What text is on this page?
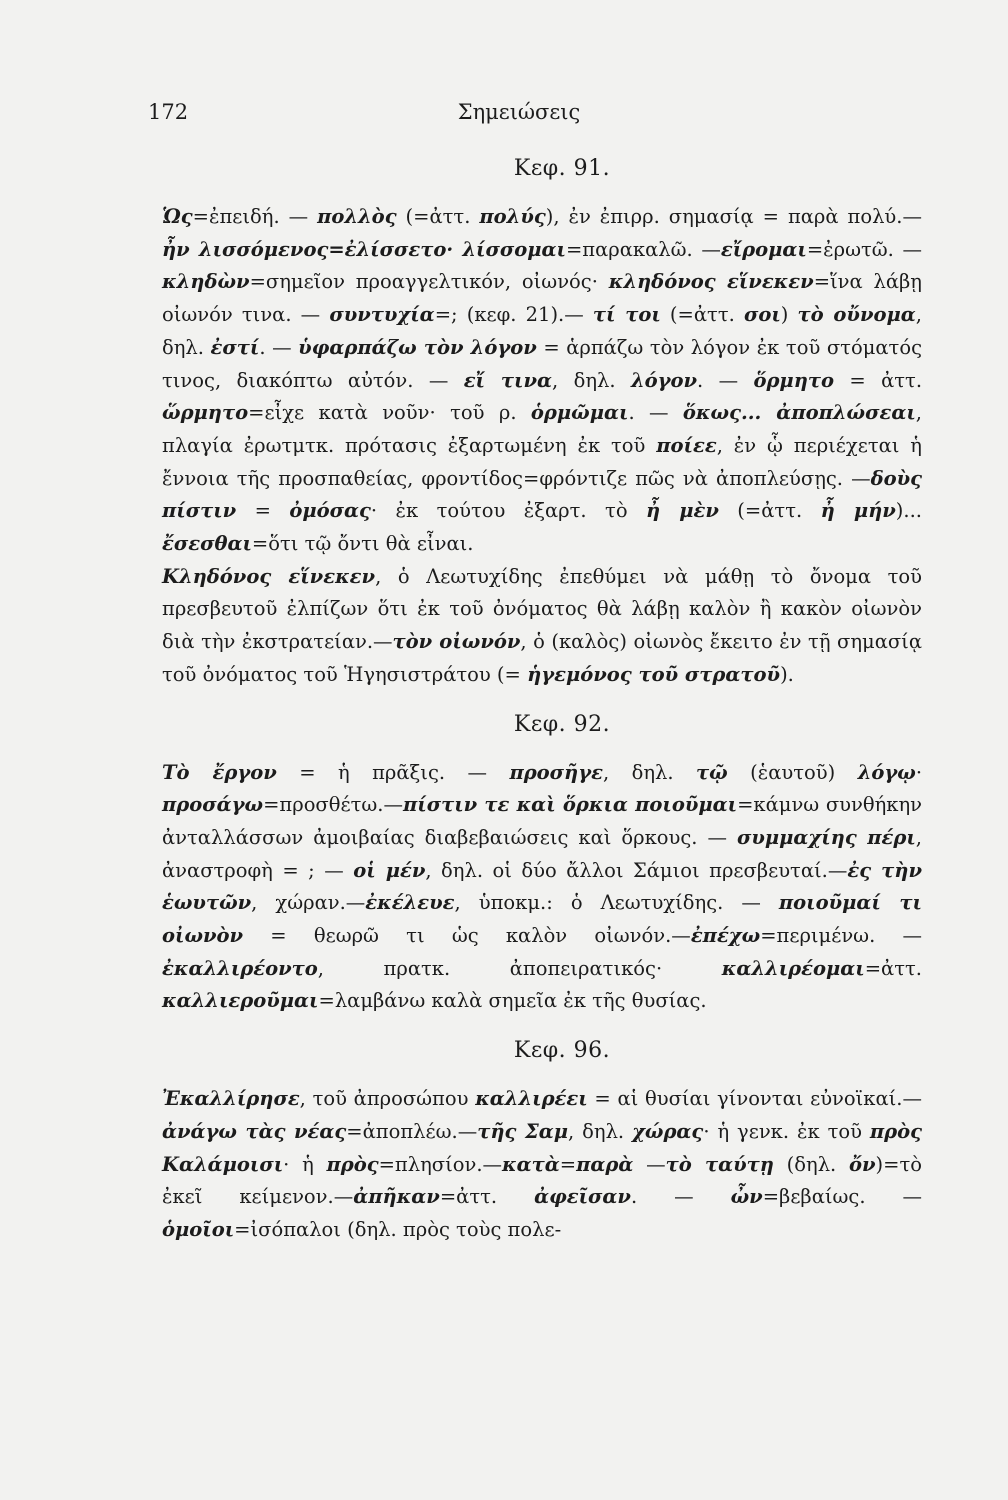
172	Σημειώσεις
Κεφ. 91.

Ὡς=ἐπειδή. — πολλὸς (=ἀττ. πολύς), ἐν ἐπιρρ. σημασίᾳ = παρὰ πολύ.—ἦν λισσόμενος=ἐλίσσετο· λίσσομαι=παρακαλῶ. —εἴρομαι=ἐρωτῶ. — κληδὼν=σημεῖον προαγγελτικόν, οἰωνός· κληδόνος εἵνεκεν=ἵνα λάβῃ οἰωνόν τινα. — συντυχία=; (κεφ. 21).— τί τοι (=ἀττ. σοι) τὸ οὔνομα, δηλ. ἐστί. — ὑφαρπάζω τὸν λόγον = ἁρπάζω τὸν λόγον ἐκ τοῦ στόματός τινος, διακόπτω αὐτόν. — εἴ τινα, δηλ. λόγον. — ὅρμητο = ἀττ. ὥρμητο=εἶχε κατὰ νοῦν· τοῦ ρ. ὁρμῶμαι. — ὅκως... ἀποπλώσεαι, πλαγία ἐρωτμτκ. πρότασις ἐξαρτωμένη ἐκ τοῦ ποίεε, ἐν ᾧ περιέχεται ἡ ἔννοια τῆς προσπαθείας, φροντίδος=φρόντιζε πῶς νὰ ἀποπλεύσῃς. —δοὺς πίστιν = ὀμόσας· ἐκ τούτου ἐξαρτ. τὸ ἦ μὲν (=ἀττ. ἦ μήν)... ἔσεσθαι=ὅτι τῷ ὄντι θὰ εἶναι.

Κληδόνος εἵνεκεν, ὁ Λεωτυχίδης ἐπεθύμει νὰ μάθῃ τὸ ὄνομα τοῦ πρεσβευτοῦ ἐλπίζων ὅτι ἐκ τοῦ ὀνόματος θὰ λάβῃ καλὸν ἢ κακὸν οἰωνὸν διὰ τὴν ἐκστρατείαν.—τὸν οἰωνόν, ὁ (καλὸς) οἰωνὸς ἔκειτο ἐν τῇ σημασίᾳ τοῦ ὀνόματος τοῦ Ἡγησιστράτου (= ἡγεμόνος τοῦ στρατοῦ).

Κεφ. 92.

Τὸ ἔργον = ἡ πρᾶξις. — προσῆγε, δηλ. τῷ (ἑαυτοῦ) λόγῳ· προσάγω=προσθέτω.—πίστιν τε καὶ ὅρκια ποιοῦμαι=κάμνω συνθήκην ἀνταλλάσσων ἀμοιβαίας διαβεβαιώσεις καὶ ὅρκους. — συμμαχίης πέρι, ἀναστροφὴ = ; — οἱ μέν, δηλ. οἱ δύο ἄλλοι Σάμιοι πρεσβευταί.—ἐς τὴν ἑωυτῶν, χώραν.—ἐκέλευε, ὑποκμ.: ὁ Λεωτυχίδης. — ποιοῦμαί τι οἰωνὸν = θεωρῶ τι ὡς καλὸν οἰωνόν.—ἐπέχω=περιμένω. — ἐκαλλιρέοντο, πρατκ. ἀποπειρατικός· καλλιρέομαι=ἀττ. καλλιεροῦμαι=λαμβάνω καλὰ σημεῖα ἐκ τῆς θυσίας.

Κεφ. 96.

Ἐκαλλίρησε, τοῦ ἀπροσώπου καλλιρέει = αἱ θυσίαι γίνονται εὐνοϊκαί.—ἀνάγω τὰς νέας=ἀποπλέω.—τῆς Σαμ, δηλ. χώρας· ἡ γενκ. ἐκ τοῦ πρὸς Καλάμοισι· ἡ πρὸς=πλησίον.—κατὰ=παρὰ —τὸ ταύτῃ (δηλ. ὄν)=τὸ ἐκεῖ κείμενον.—ἀπῆκαν=ἀττ. ἀφεῖσαν. — ὦν=βεβαίως. —ὁμοῖοι=ἰσόπαλοι (δηλ. πρὸς τοὺς πολε-
